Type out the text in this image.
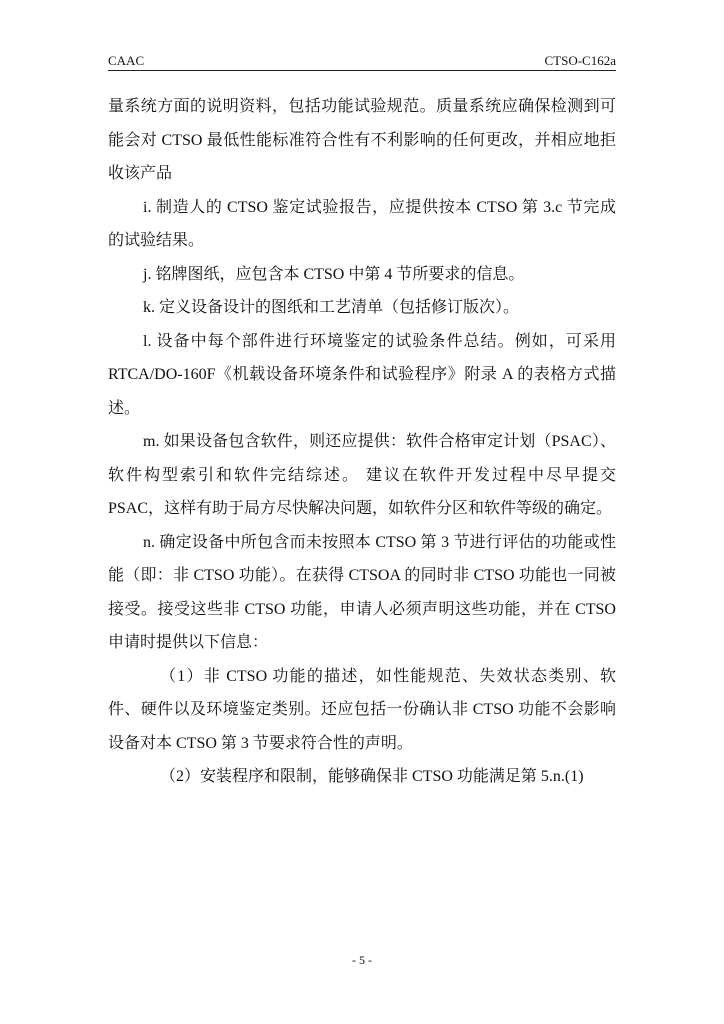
CAAC	CTSO-C162a

量系统方面的说明资料，包括功能试验规范。质量系统应确保检测到可能会对 CTSO 最低性能标准符合性有不利影响的任何更改，并相应地拒收该产品

i. 制造人的 CTSO 鉴定试验报告，应提供按本 CTSO 第 3.c 节完成的试验结果。

j. 铭牌图纸，应包含本 CTSO 中第 4 节所要求的信息。

k. 定义设备设计的图纸和工艺清单（包括修订版次）。

l. 设备中每个部件进行环境鉴定的试验条件总结。例如，可采用 RTCA/DO-160F《机载设备环境条件和试验程序》附录 A 的表格方式描述。

m. 如果设备包含软件，则还应提供：软件合格审定计划（PSAC）、软件构型索引和软件完结综述。 建议在软件开发过程中尽早提交 PSAC，这样有助于局方尽快解决问题，如软件分区和软件等级的确定。

n. 确定设备中所包含而未按照本 CTSO 第 3 节进行评估的功能或性能（即：非 CTSO 功能）。在获得 CTSOA 的同时非 CTSO 功能也一同被接受。接受这些非 CTSO 功能，申请人必须声明这些功能，并在 CTSO 申请时提供以下信息：

（1）非 CTSO 功能的描述，如性能规范、失效状态类别、软件、硬件以及环境鉴定类别。还应包括一份确认非 CTSO 功能不会影响设备对本 CTSO 第 3 节要求符合性的声明。

（2）安装程序和限制，能够确保非 CTSO 功能满足第 5.n.(1)

- 5 -
